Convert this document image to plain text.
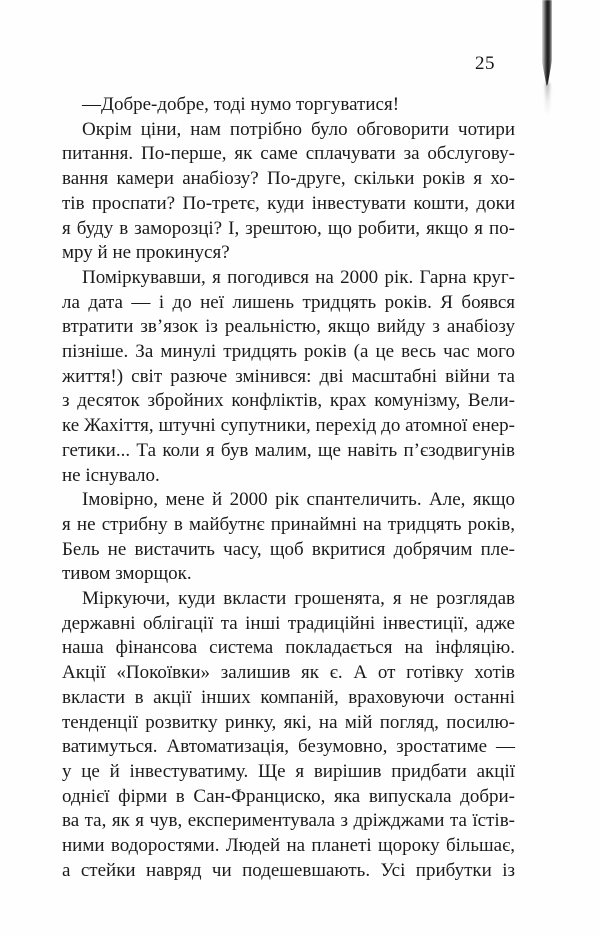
25
—Добре-добре, тоді нумо торгуватися!
Окрім ціни, нам потрібно було обговорити чотири
питання. По-перше, як саме сплачувати за обслугову-
вання камери анабіозу? По-друге, скільки років я хо-
тів проспати? По-третє, куди інвестувати кошти, доки
я буду в заморозці? І, зрештою, що робити, якщо я по-
мру й не прокинуся?
Поміркувавши, я погодився на 2000 рік. Гарна круг-
ла дата — і до неї лишень тридцять років. Я боявся
втратити зв’язок із реальністю, якщо вийду з анабіозу
пізніше. За минулі тридцять років (а це весь час мого
життя!) світ разюче змінився: дві масштабні війни та
з десяток збройних конфліктів, крах комунізму, Вели-
ке Жахіття, штучні супутники, перехід до атомної енер-
гетики... Та коли я був малим, ще навіть п’єзодвигунів
не існувало.
Імовірно, мене й 2000 рік спантеличить. Але, якщо
я не стрибну в майбутнє принаймні на тридцять років,
Бель не вистачить часу, щоб вкритися добрячим пле-
тивом зморщок.
Міркуючи, куди вкласти грошенята, я не розглядав
державні облігації та інші традиційні інвестиції, адже
наша фінансова система покладається на інфляцію.
Акції «Покоївки» залишив як є. А от готівку хотів
вкласти в акції інших компаній, враховуючи останні
тенденції розвитку ринку, які, на мій погляд, посилю-
ватимуться. Автоматизація, безумовно, зростатиме —
у це й інвестуватиму. Ще я вирішив придбати акції
однієї фірми в Сан-Франциско, яка випускала добри-
ва та, як я чув, експериментувала з дріжджами та їстів-
ними водоростями. Людей на планеті щороку більшає,
а стейки навряд чи подешевшають. Усі прибутки із
